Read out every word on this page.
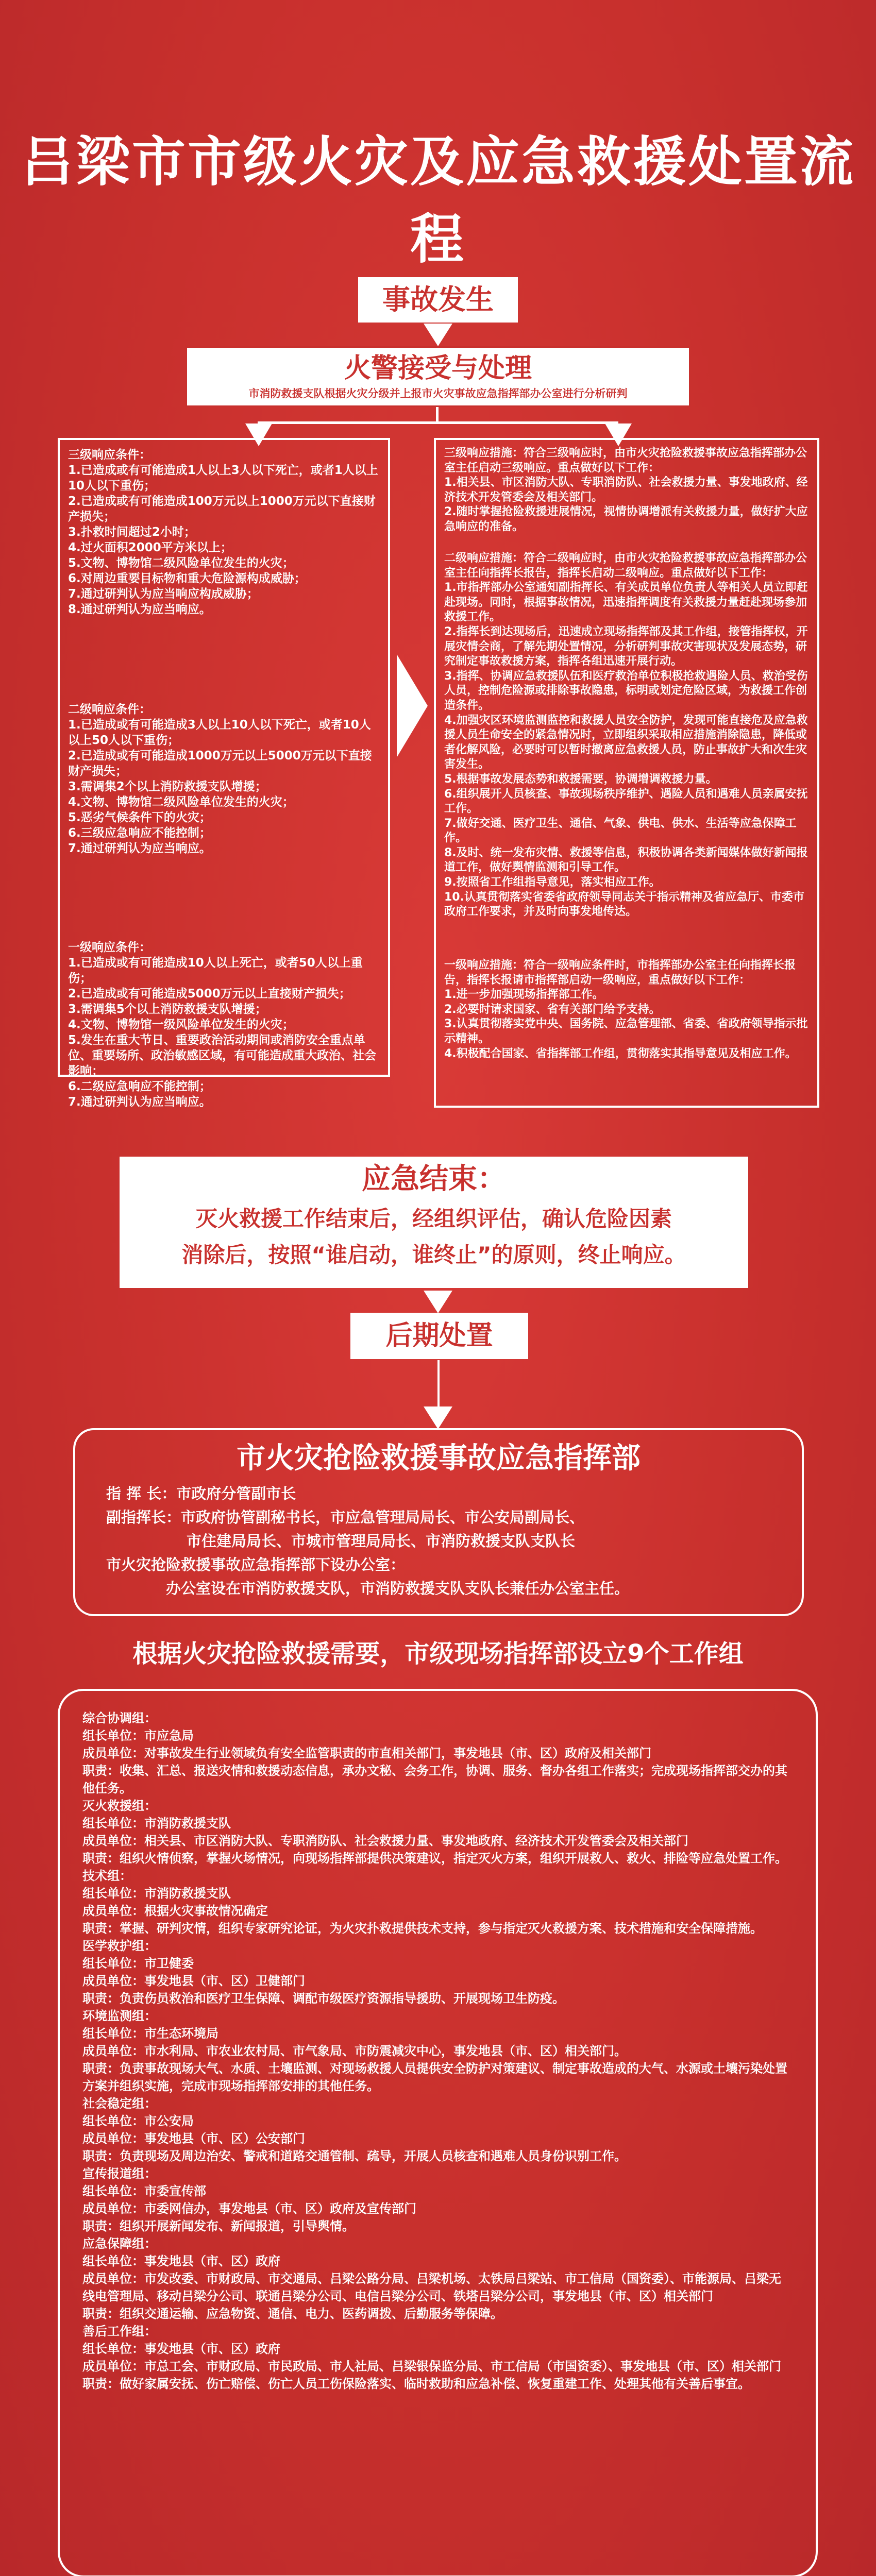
吕梁市市级火灾及应急救援处置流程
事故发生
火警接受与处理
市消防救援支队根据火灾分级并上报市火灾事故应急指挥部办公室进行分析研判
三级响应条件：
1.已造成或有可能造成1人以上3人以下死亡，或者1人以上10人以下重伤；
2.已造成或有可能造成100万元以上1000万元以下直接财产损失；
3.扑救时间超过2小时；
4.过火面积2000平方米以上；
5.文物、博物馆二级风险单位发生的火灾；
6.对周边重要目标物和重大危险源构成威胁；
7.通过研判认为应当响应构成威胁；
8.通过研判认为应当响应。
二级响应条件：
1.已造成或有可能造成3人以上10人以下死亡，或者10人以上50人以下重伤；
2.已造成或有可能造成1000万元以上5000万元以下直接财产损失；
3.需调集2个以上消防救援支队增援；
4.文物、博物馆二级风险单位发生的火灾；
5.恶劣气候条件下的火灾；
6.三级应急响应不能控制；
7.通过研判认为应当响应。
一级响应条件：
1.已造成或有可能造成10人以上死亡，或者50人以上重伤；
2.已造成或有可能造成5000万元以上直接财产损失；
3.需调集5个以上消防救援支队增援；
4.文物、博物馆一级风险单位发生的火灾；
5.发生在重大节日、重要政治活动期间或消防安全重点单位、重要场所、政治敏感区域，有可能造成重大政治、社会影响；
6.二级应急响应不能控制；
7.通过研判认为应当响应。
三级响应措施：符合三级响应时，由市火灾抢险救援事故应急指挥部办公室主任启动三级响应。重点做好以下工作：
1.相关县、市区消防大队、专职消防队、社会救援力量、事发地政府、经济技术开发管委会及相关部门。
2.随时掌握抢险救援进展情况，视情协调增派有关救援力量，做好扩大应急响应的准备。
二级响应措施：符合二级响应时，由市火灾抢险救援事故应急指挥部办公室主任向指挥长报告，指挥长启动二级响应。重点做好以下工作：
1.市指挥部办公室通知副指挥长、有关成员单位负责人等相关人员立即赶赴现场。同时，根据事故情况，迅速指挥调度有关救援力量赶赴现场参加救援工作。
2.指挥长到达现场后，迅速成立现场指挥部及其工作组，接管指挥权，开展灾情会商，了解先期处置情况，分析研判事故灾害现状及发展态势，研究制定事故救援方案，指挥各组迅速开展行动。
3.指挥、协调应急救援队伍和医疗救治单位积极抢救遇险人员、救治受伤人员，控制危险源或排除事故隐患，标明或划定危险区域，为救援工作创造条件。
4.加强灾区环境监测监控和救援人员安全防护，发现可能直接危及应急救援人员生命安全的紧急情况时，立即组织采取相应措施消除隐患，降低或者化解风险，必要时可以暂时撤离应急救援人员，防止事故扩大和次生灾害发生。
5.根据事故发展态势和救援需要，协调增调救援力量。
6.组织展开人员核查、事故现场秩序维护、遇险人员和遇难人员亲属安抚工作。
7.做好交通、医疗卫生、通信、气象、供电、供水、生活等应急保障工作。
8.及时、统一发布灾情、救援等信息，积极协调各类新闻媒体做好新闻报道工作，做好舆情监测和引导工作。
9.按照省工作组指导意见，落实相应工作。
10.认真贯彻落实省委省政府领导同志关于指示精神及省应急厅、市委市政府工作要求，并及时向事发地传达。
一级响应措施：符合一级响应条件时，市指挥部办公室主任向指挥长报告，指挥长报请市指挥部启动一级响应，重点做好以下工作：
1.进一步加强现场指挥部工作。
2.必要时请求国家、省有关部门给予支持。
3.认真贯彻落实党中央、国务院、应急管理部、省委、省政府领导指示批示精神。
4.积极配合国家、省指挥部工作组，贯彻落实其指导意见及相应工作。
应急结束：
灭火救援工作结束后，经组织评估，确认危险因素
消除后，按照“谁启动，谁终止”的原则，终止响应。
后期处置
市火灾抢险救援事故应急指挥部
指 挥 长：市政府分管副市长
副指挥长：市政府协管副秘书长，市应急管理局局长、市公安局副局长、
市住建局局长、市城市管理局局长、市消防救援支队支队长
市火灾抢险救援事故应急指挥部下设办公室：
办公室设在市消防救援支队，市消防救援支队支队长兼任办公室主任。
根据火灾抢险救援需要，市级现场指挥部设立9个工作组
综合协调组：
组长单位：市应急局
成员单位：对事故发生行业领域负有安全监管职责的市直相关部门，事发地县（市、区）政府及相关部门
职责：收集、汇总、报送灾情和救援动态信息，承办文秘、会务工作，协调、服务、督办各组工作落实；完成现场指挥部交办的其他任务。
灭火救援组：
组长单位：市消防救援支队
成员单位：相关县、市区消防大队、专职消防队、社会救援力量、事发地政府、经济技术开发管委会及相关部门
职责：组织火情侦察，掌握火场情况，向现场指挥部提供决策建议，指定灭火方案，组织开展救人、救火、排险等应急处置工作。
技术组：
组长单位：市消防救援支队
成员单位：根据火灾事故情况确定
职责：掌握、研判灾情，组织专家研究论证，为火灾扑救提供技术支持，参与指定灭火救援方案、技术措施和安全保障措施。
医学救护组：
组长单位：市卫健委
成员单位：事发地县（市、区）卫健部门
职责：负责伤员救治和医疗卫生保障、调配市级医疗资源指导援助、开展现场卫生防疫。
环境监测组：
组长单位：市生态环境局
成员单位：市水利局、市农业农村局、市气象局、市防震减灾中心，事发地县（市、区）相关部门。
职责：负责事故现场大气、水质、土壤监测、对现场救援人员提供安全防护对策建议、制定事故造成的大气、水源或土壤污染处置方案并组织实施，完成市现场指挥部安排的其他任务。
社会稳定组：
组长单位：市公安局
成员单位：事发地县（市、区）公安部门
职责：负责现场及周边治安、警戒和道路交通管制、疏导，开展人员核查和遇难人员身份识别工作。
宣传报道组：
组长单位：市委宣传部
成员单位：市委网信办，事发地县（市、区）政府及宣传部门
职责：组织开展新闻发布、新闻报道，引导舆情。
应急保障组：
组长单位：事发地县（市、区）政府
成员单位：市发改委、市财政局、市交通局、吕梁公路分局、吕梁机场、太铁局吕梁站、市工信局（国资委）、市能源局、吕梁无线电管理局、移动吕梁分公司、联通吕梁分公司、电信吕梁分公司、铁塔吕梁分公司，事发地县（市、区）相关部门
职责：组织交通运输、应急物资、通信、电力、医药调拨、后勤服务等保障。
善后工作组：
组长单位：事发地县（市、区）政府
成员单位：市总工会、市财政局、市民政局、市人社局、吕梁银保监分局、市工信局（市国资委）、事发地县（市、区）相关部门
职责：做好家属安抚、伤亡赔偿、伤亡人员工伤保险落实、临时救助和应急补偿、恢复重建工作、处理其他有关善后事宜。
